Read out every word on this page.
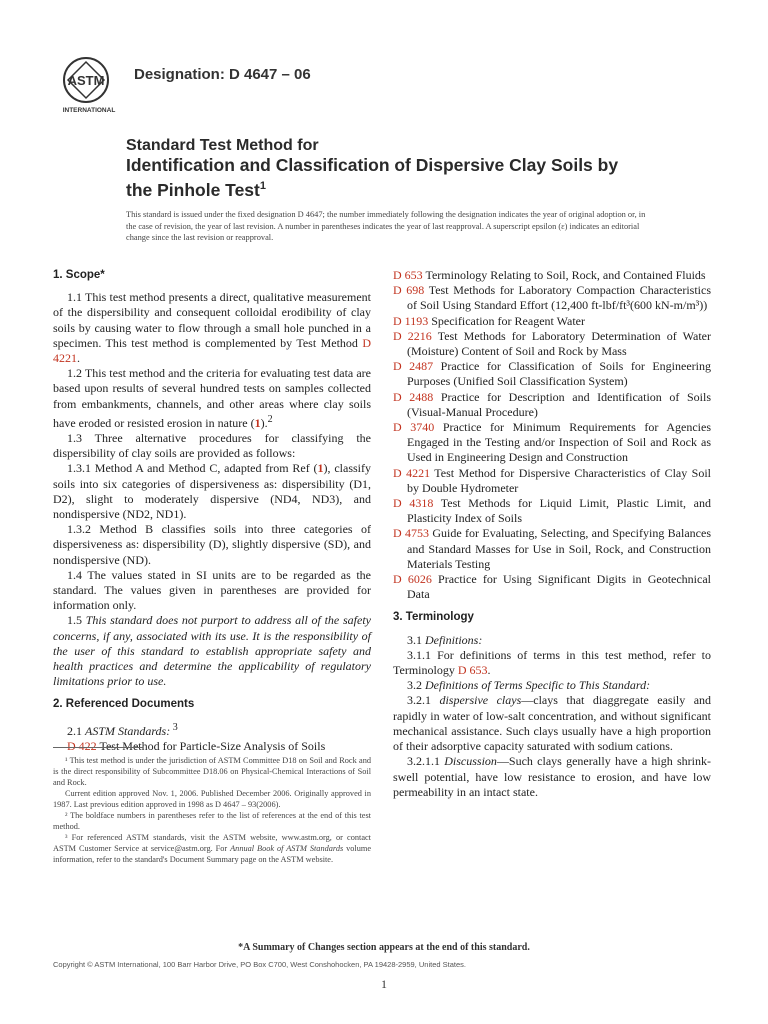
ASTM
INTERNATIONAL
Designation: D 4647 – 06
Standard Test Method for
Identification and Classification of Dispersive Clay Soils by
the Pinhole Test$^1$
This standard is issued under the fixed designation D 4647; the number immediately following the designation indicates the year of original adoption or, in the case of revision, the year of last revision. A number in parentheses indicates the year of last reapproval. A superscript epsilon (ε) indicates an editorial change since the last revision or reapproval.
1. Scope*

1.1 This test method presents a direct, qualitative measurement of the dispersibility and consequent colloidal erodibility of clay soils by causing water to flow through a small hole punched in a specimen. This test method is complemented by Test Method D 4221.

1.2 This test method and the criteria for evaluating test data are based upon results of several hundred tests on samples collected from embankments, channels, and other areas where clay soils have eroded or resisted erosion in nature (1).$^2$

1.3 Three alternative procedures for classifying the dispersibility of clay soils are provided as follows:

1.3.1 Method A and Method C, adapted from Ref (1), classify soils into six categories of dispersiveness as: dispersibility (D1, D2), slight to moderately dispersive (ND4, ND3), and nondispersive (ND2, ND1).

1.3.2 Method B classifies soils into three categories of dispersiveness as: dispersibility (D), slightly dispersive (SD), and nondispersive (ND).

1.4 The values stated in SI units are to be regarded as the standard. The values given in parentheses are provided for information only.

1.5 This standard does not purport to address all of the safety concerns, if any, associated with its use. It is the responsibility of the user of this standard to establish appropriate safety and health practices and determine the applicability of regulatory limitations prior to use.

2. Referenced Documents

2.1 ASTM Standards: $^3$

D 422 Test Method for Particle-Size Analysis of Soils

D 653 Terminology Relating to Soil, Rock, and Contained Fluids

D 698 Test Methods for Laboratory Compaction Characteristics of Soil Using Standard Effort (12,400 ft-lbf/ft³(600 kN-m/m³))

D 1193 Specification for Reagent Water

D 2216 Test Methods for Laboratory Determination of Water (Moisture) Content of Soil and Rock by Mass

D 2487 Practice for Classification of Soils for Engineering Purposes (Unified Soil Classification System)

D 2488 Practice for Description and Identification of Soils (Visual-Manual Procedure)

D 3740 Practice for Minimum Requirements for Agencies Engaged in the Testing and/or Inspection of Soil and Rock as Used in Engineering Design and Construction

D 4221 Test Method for Dispersive Characteristics of Clay Soil by Double Hydrometer

D 4318 Test Methods for Liquid Limit, Plastic Limit, and Plasticity Index of Soils

D 4753 Guide for Evaluating, Selecting, and Specifying Balances and Standard Masses for Use in Soil, Rock, and Construction Materials Testing

D 6026 Practice for Using Significant Digits in Geotechnical Data

3. Terminology

3.1 Definitions:

3.1.1 For definitions of terms in this test method, refer to Terminology D 653.

3.2 Definitions of Terms Specific to This Standard:

3.2.1 dispersive clays—clays that diaggregate easily and rapidly in water of low-salt concentration, and without significant mechanical assistance. Such clays usually have a high proportion of their adsorptive capacity saturated with sodium cations.

3.2.1.1 Discussion—Such clays generally have a high shrink-swell potential, have low resistance to erosion, and have low permeability in an intact state.

¹ This test method is under the jurisdiction of ASTM Committee D18 on Soil and Rock and is the direct responsibility of Subcommittee D18.06 on Physical-Chemical Interactions of Soil and Rock.

Current edition approved Nov. 1, 2006. Published December 2006. Originally approved in 1987. Last previous edition approved in 1998 as D 4647 – 93(2006).

² The boldface numbers in parentheses refer to the list of references at the end of this test method.

³ For referenced ASTM standards, visit the ASTM website, www.astm.org, or contact ASTM Customer Service at service@astm.org. For Annual Book of ASTM Standards volume information, refer to the standard's Document Summary page on the ASTM website.

*A Summary of Changes section appears at the end of this standard.
Copyright © ASTM International, 100 Barr Harbor Drive, PO Box C700, West Conshohocken, PA 19428-2959, United States.
1
